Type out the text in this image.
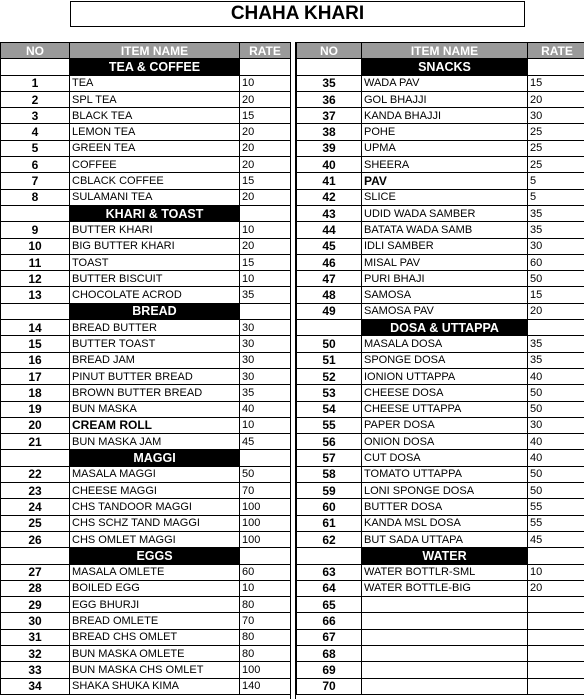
CHAHA KHARI
NO	ITEM NAME	RATE
	TEA & COFFEE	
1	TEA	10
2	SPL TEA	20
3	BLACK TEA	15
4	LEMON TEA	20
5	GREEN TEA	20
6	COFFEE	20
7	CBLACK COFFEE	15
8	SULAMANI TEA	20
	KHARI & TOAST	
9	BUTTER KHARI	10
10	BIG BUTTER KHARI	20
11	TOAST	15
12	BUTTER BISCUIT	10
13	CHOCOLATE ACROD	35
	BREAD	
14	BREAD BUTTER	30
15	BUTTER TOAST	30
16	BREAD JAM	30
17	PINUT BUTTER BREAD	30
18	BROWN BUTTER BREAD	35
19	BUN MASKA	40
20	CREAM ROLL	10
21	BUN MASKA JAM	45
	MAGGI	
22	MASALA MAGGI	50
23	CHEESE MAGGI	70
24	CHS TANDOOR MAGGI	100
25	CHS SCHZ TAND MAGGI	100
26	CHS OMLET MAGGI	100
	EGGS	
27	MASALA OMLETE	60
28	BOILED EGG	10
29	EGG BHURJI	80
30	BREAD OMLETE	70
31	BREAD CHS OMLET	80
32	BUN MASKA OMLETE	80
33	BUN MASKA CHS OMLET	100
34	SHAKA SHUKA KIMA	140
NO	ITEM NAME	RATE
	SNACKS	
35	WADA PAV	15
36	GOL BHAJJI	20
37	KANDA BHAJJI	30
38	POHE	25
39	UPMA	25
40	SHEERA	25
41	PAV	5
42	SLICE	5
43	UDID WADA SAMBER	35
44	BATATA WADA SAMB	35
45	IDLI SAMBER	30
46	MISAL PAV	60
47	PURI BHAJI	50
48	SAMOSA	15
49	SAMOSA PAV	20
	DOSA & UTTAPPA	
50	MASALA DOSA	35
51	SPONGE DOSA	35
52	IONION UTTAPPA	40
53	CHEESE DOSA	50
54	CHEESE UTTAPPA	50
55	PAPER DOSA	30
56	ONION DOSA	40
57	CUT DOSA	40
58	TOMATO UTTAPPA	50
59	LONI SPONGE DOSA	50
60	BUTTER DOSA	55
61	KANDA MSL DOSA	55
62	BUT SADA UTTAPA	45
	WATER	
63	WATER BOTTLR-SML	10
64	WATER BOTTLE-BIG	20
65		
66		
67		
68		
69		
70		
